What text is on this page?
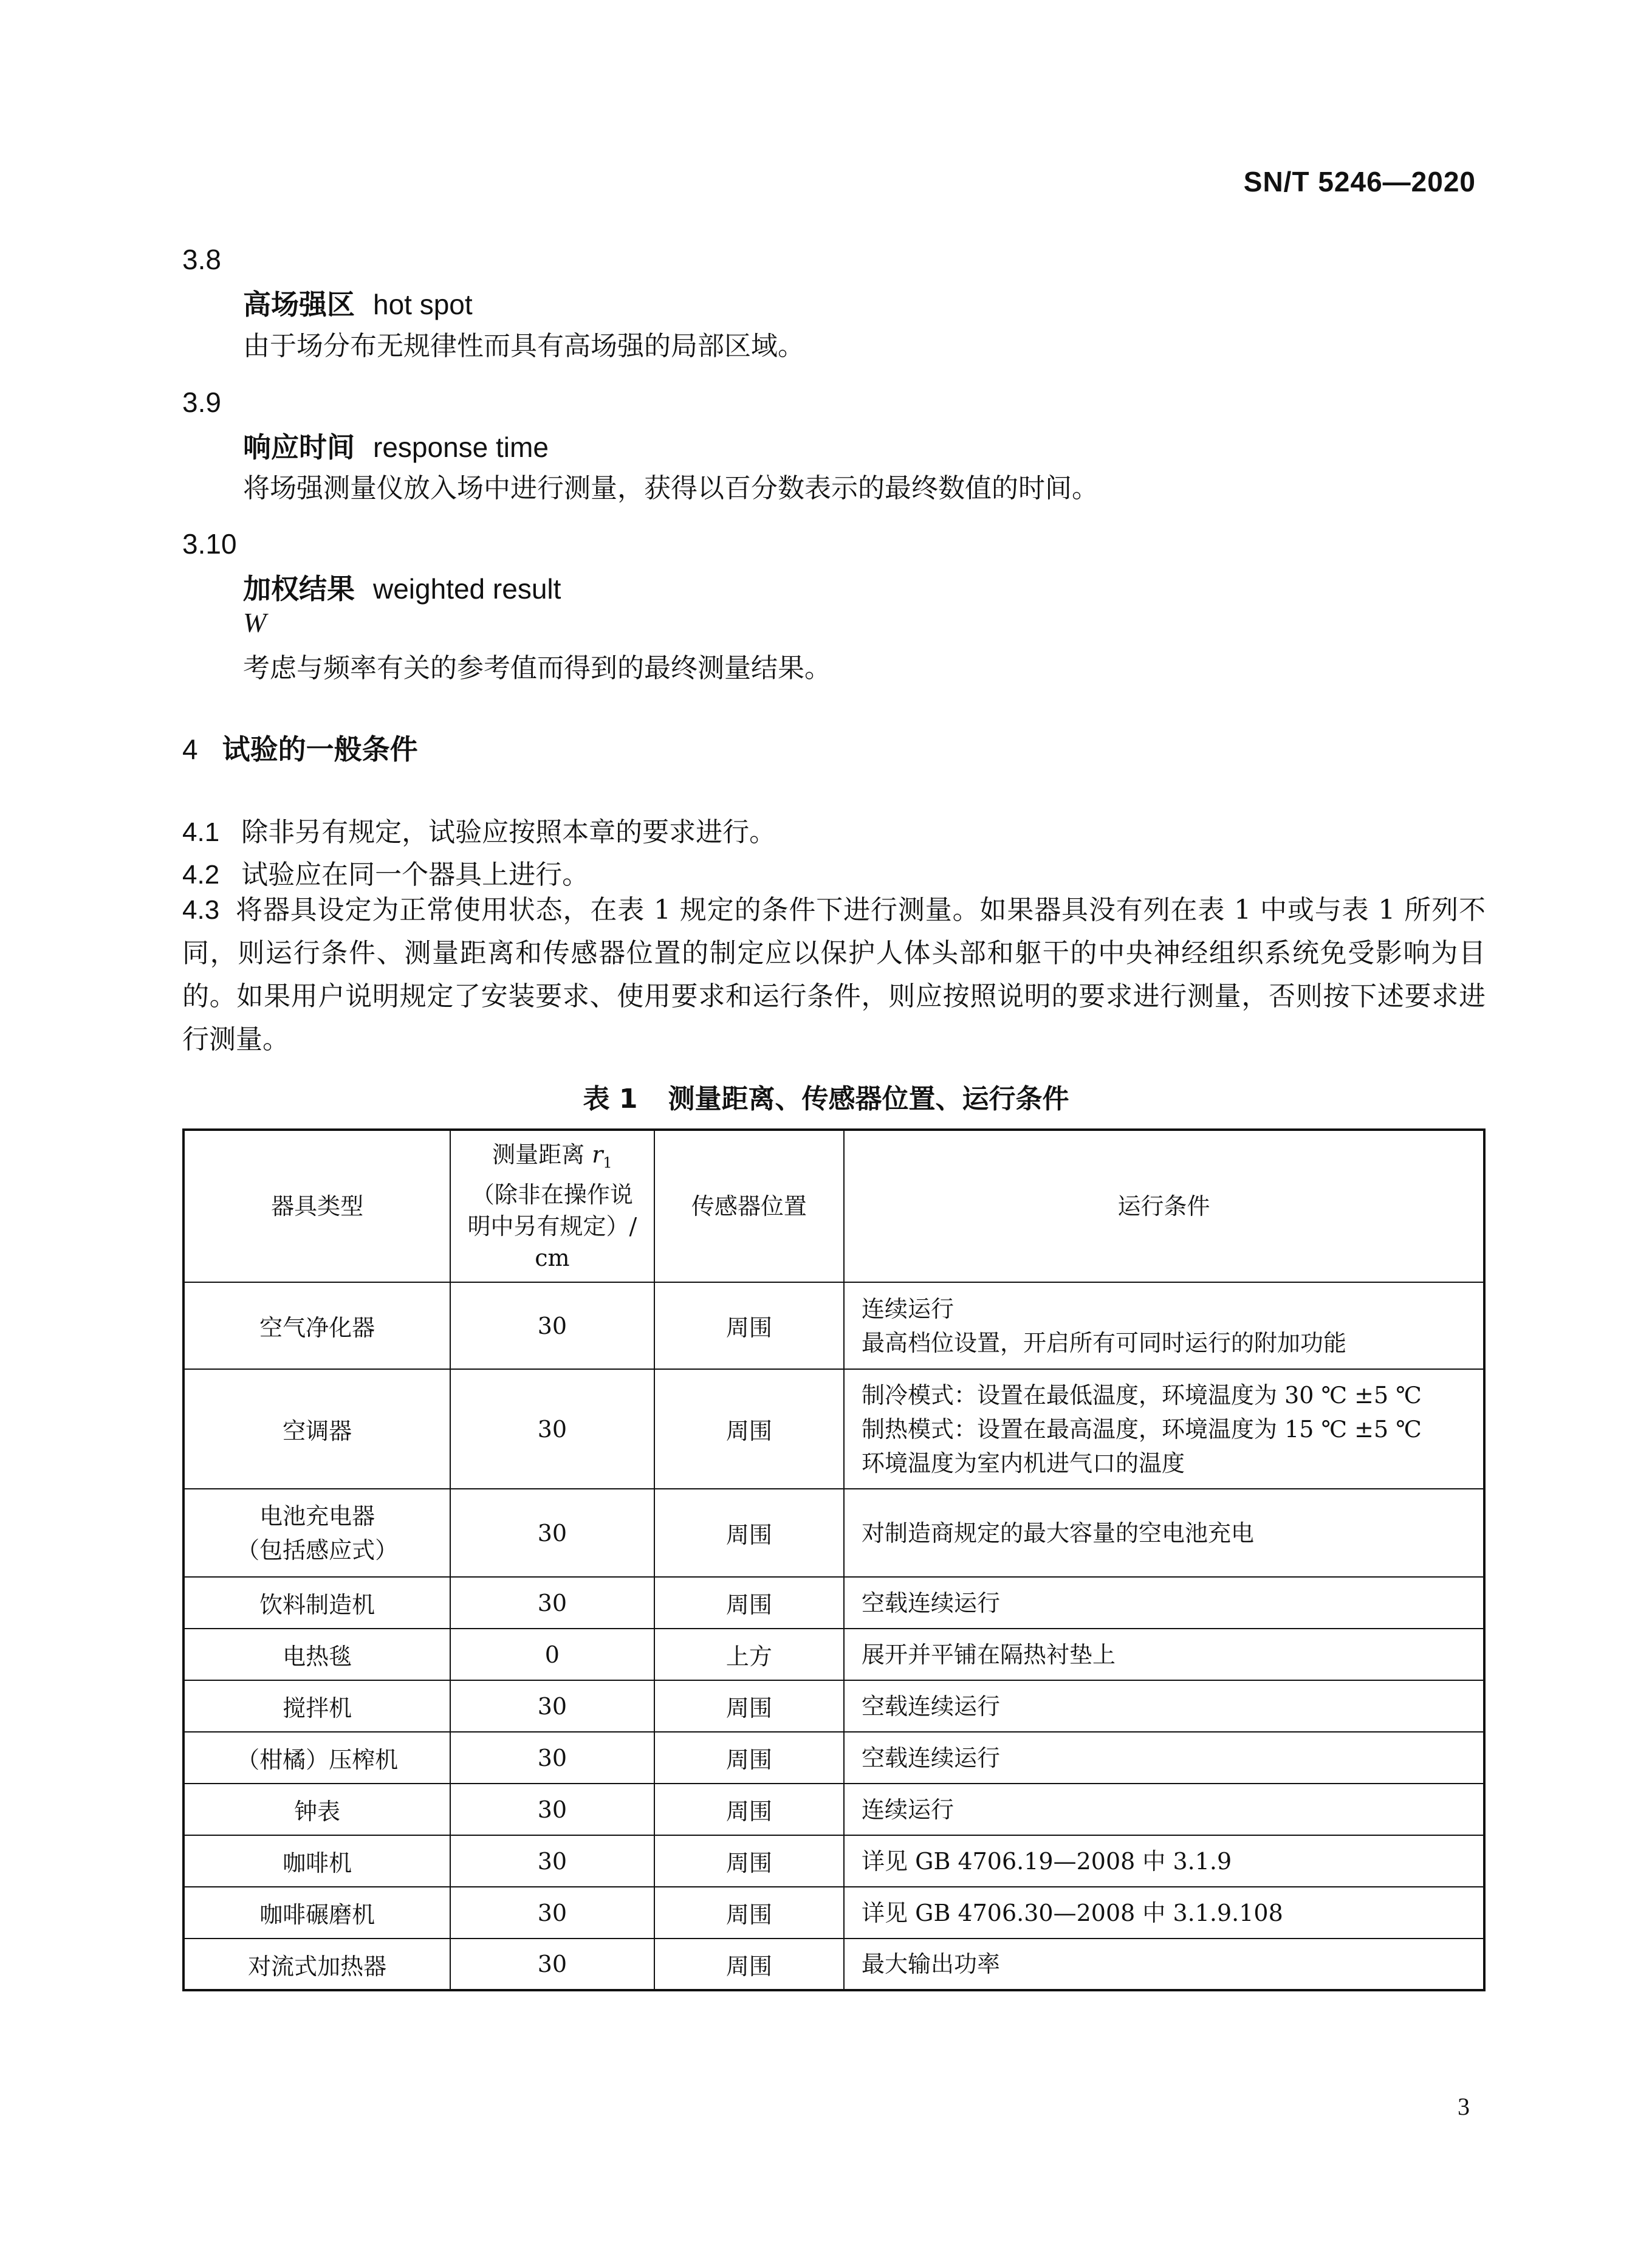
SN/T 5246—2020
3.8
高场强区 hot spot
由于场分布无规律性而具有高场强的局部区域。
3.9
响应时间 response time
将场强测量仪放入场中进行测量，获得以百分数表示的最终数值的时间。
3.10
加权结果 weighted result
W
考虑与频率有关的参考值而得到的最终测量结果。
4 试验的一般条件
4.1 除非另有规定，试验应按照本章的要求进行。
4.2 试验应在同一个器具上进行。
4.3 将器具设定为正常使用状态，在表 1 规定的条件下进行测量。如果器具没有列在表 1 中或与表 1 所列不同，则运行条件、测量距离和传感器位置的制定应以保护人体头部和躯干的中央神经组织系统免受影响为目的。如果用户说明规定了安装要求、使用要求和运行条件，则应按照说明的要求进行测量，否则按下述要求进行测量。
表 1 测量距离、传感器位置、运行条件
器具类型	测量距离 $r_1$
（除非在操作说
明中另有规定）/
cm	传感器位置	运行条件
空气净化器	30	周围	连续运行
最高档位设置，开启所有可同时运行的附加功能
空调器	30	周围	制冷模式：设置在最低温度，环境温度为 30 ℃ ±5 ℃
制热模式：设置在最高温度，环境温度为 15 ℃ ±5 ℃
环境温度为室内机进气口的温度
电池充电器
（包括感应式）	30	周围	对制造商规定的最大容量的空电池充电
饮料制造机	30	周围	空载连续运行
电热毯	0	上方	展开并平铺在隔热衬垫上
搅拌机	30	周围	空载连续运行
（柑橘）压榨机	30	周围	空载连续运行
钟表	30	周围	连续运行
咖啡机	30	周围	详见 GB 4706.19—2008 中 3.1.9
咖啡碾磨机	30	周围	详见 GB 4706.30—2008 中 3.1.9.108
对流式加热器	30	周围	最大输出功率
3
